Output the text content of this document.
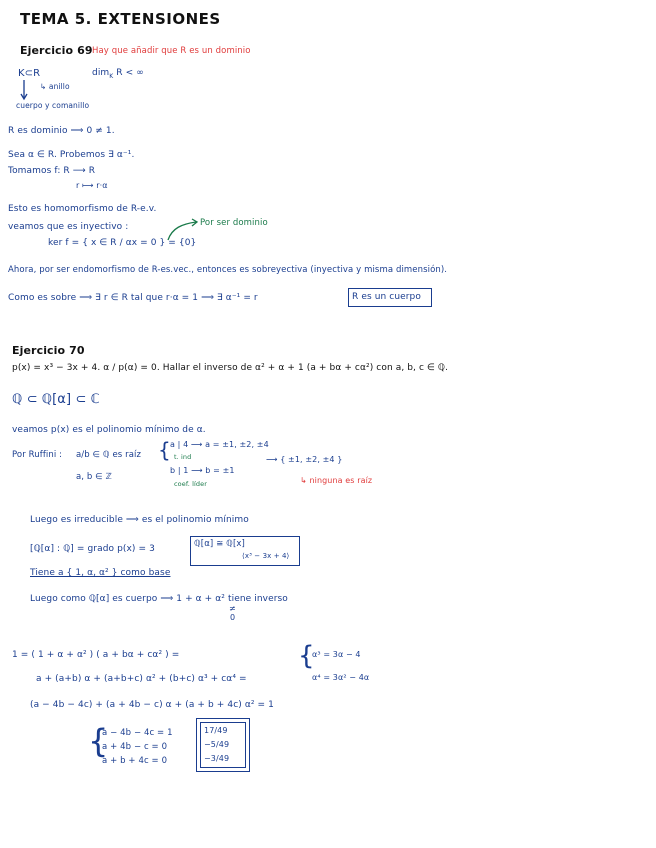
TEMA 5. EXTENSIONES
Ejercicio 69 Hay que añadir que R es un dominio
K⊂R
↳ anillo
dim$_K$ R < ∞
cuerpo y comanillo
R es dominio ⟹ 0 ≠ 1.
Sea α ∈ R. Probemos ∃ α⁻¹.
Tomamos f: R ⟶ R
r ⟼ r·α
Esto es homomorfismo de R-e.v.
veamos que es inyectivo :
ker f = { x ∈ R / αx = 0 } = {0}
Por ser dominio
Ahora, por ser endomorfismo de R-es.vec., entonces es sobreyectiva (inyectiva y misma dimensión).
Como es sobre ⟹ ∃ r ∈ R tal que r·α = 1 ⟹ ∃ α⁻¹ = r	R es un cuerpo
Ejercicio 70
p(x) = x³ − 3x + 4. α / p(α) = 0. Hallar el inverso de α² + α + 1 (a + bα + cα²) con a, b, c ∈ ℚ.
ℚ ⊂ ℚ[α] ⊂ ℂ
veamos p(x) es el polinomio mínimo de α.
Por Ruffini : a/b ∈ ℚ es raíz
a, b ∈ ℤ
{ a | 4 ⟶ a = ±1, ±2, ±4
t. ind
b | 1 ⟶ b = ±1
coef. líder
⟶ { ±1, ±2, ±4 }
↳ ninguna es raíz
Luego es irreducible ⟹ es el polinomio mínimo
[ℚ[α] : ℚ] = grado p(x) = 3	ℚ[α] ≅ ℚ[x]
⟨x³ − 3x + 4⟩
Tiene a { 1, α, α² } como base
Luego como ℚ[α] es cuerpo ⟹ 1 + α + α² tiene inverso
≠
0
1 = ( 1 + α + α² ) ( a + bα + cα² ) =
a + (a+b) α + (a+b+c) α² + (b+c) α³ + cα⁴ =
{
α³ = 3α − 4
α⁴ = 3α² − 4α
(a − 4b − 4c) + (a + 4b − c) α + (a + b + 4c) α² = 1
{
a − 4b − 4c = 1
a + 4b − c = 0
a + b + 4c = 0
17/49
−5/49
−3/49
